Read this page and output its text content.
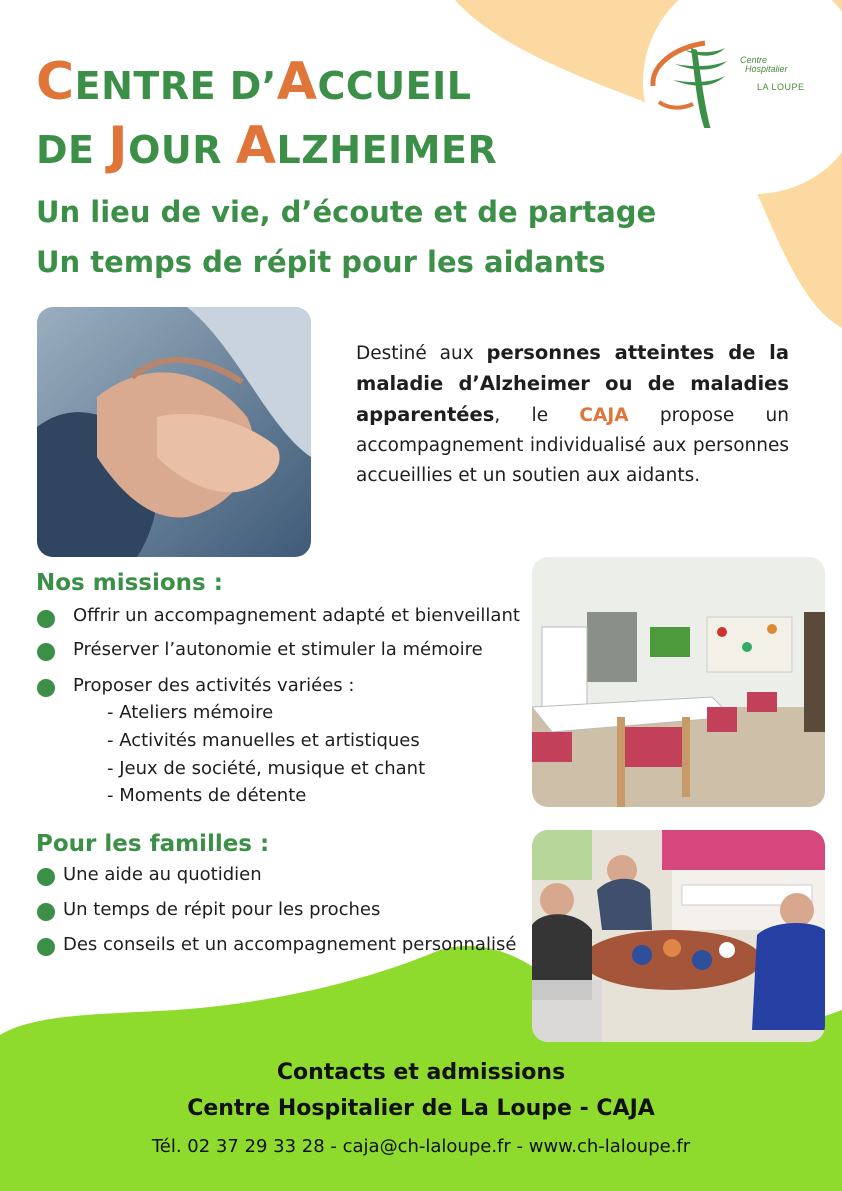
Centre
Hospitalier
LA LOUPE
CENTRE D’ACCUEIL
DE JOUR ALZHEIMER
Un lieu de vie, d’écoute et de partage
Un temps de répit pour les aidants
Destiné aux personnes atteintes de la maladie d’Alzheimer ou de maladies apparentées, le CAJA propose un accompagnement individualisé aux personnes accueillies et un soutien aux aidants.
Nos missions :
Offrir un accompagnement adapté et bienveillant
Préserver l’autonomie et stimuler la mémoire
Proposer des activités variées :
- Ateliers mémoire
- Activités manuelles et artistiques
- Jeux de société, musique et chant
- Moments de détente
Pour les familles :
Une aide au quotidien
Un temps de répit pour les proches
Des conseils et un accompagnement personnalisé
Contacts et admissions
Centre Hospitalier de La Loupe - CAJA
Tél. 02 37 29 33 28 - caja@ch-laloupe.fr - www.ch-laloupe.fr
